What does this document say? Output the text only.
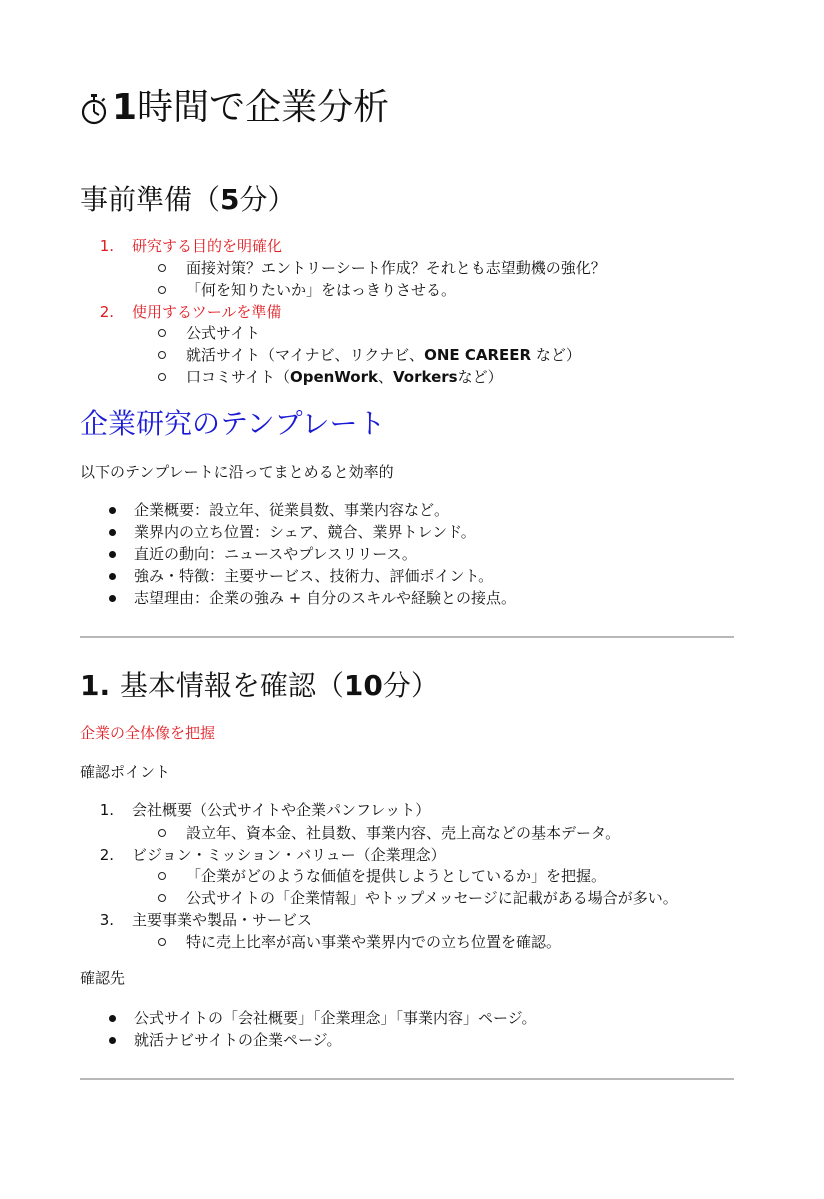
1 時間で企業分析
事前準備（5分）
1. 研究する目的を明確化
面接対策？エントリーシート作成？それとも志望動機の強化？
「何を知りたいか」をはっきりさせる。
2. 使用するツールを準備
公式サイト
就活サイト（マイナビ、リクナビ、ONE CAREER など）
口コミサイト（OpenWork、Vorkersなど）
企業研究のテンプレート
以下のテンプレートに沿ってまとめると効率的
企業概要：設立年、従業員数、事業内容など。
業界内の立ち位置：シェア、競合、業界トレンド。
直近の動向：ニュースやプレスリリース。
強み・特徴：主要サービス、技術力、評価ポイント。
志望理由：企業の強み + 自分のスキルや経験との接点。
1. 基本情報を確認（10分）
企業の全体像を把握
確認ポイント
1. 会社概要（公式サイトや企業パンフレット）
設立年、資本金、社員数、事業内容、売上高などの基本データ。
2. ビジョン・ミッション・バリュー（企業理念）
「企業がどのような価値を提供しようとしているか」を把握。
公式サイトの「企業情報」やトップメッセージに記載がある場合が多い。
3. 主要事業や製品・サービス
特に売上比率が高い事業や業界内での立ち位置を確認。
確認先
公式サイトの「会社概要」「企業理念」「事業内容」ページ。
就活ナビサイトの企業ページ。
